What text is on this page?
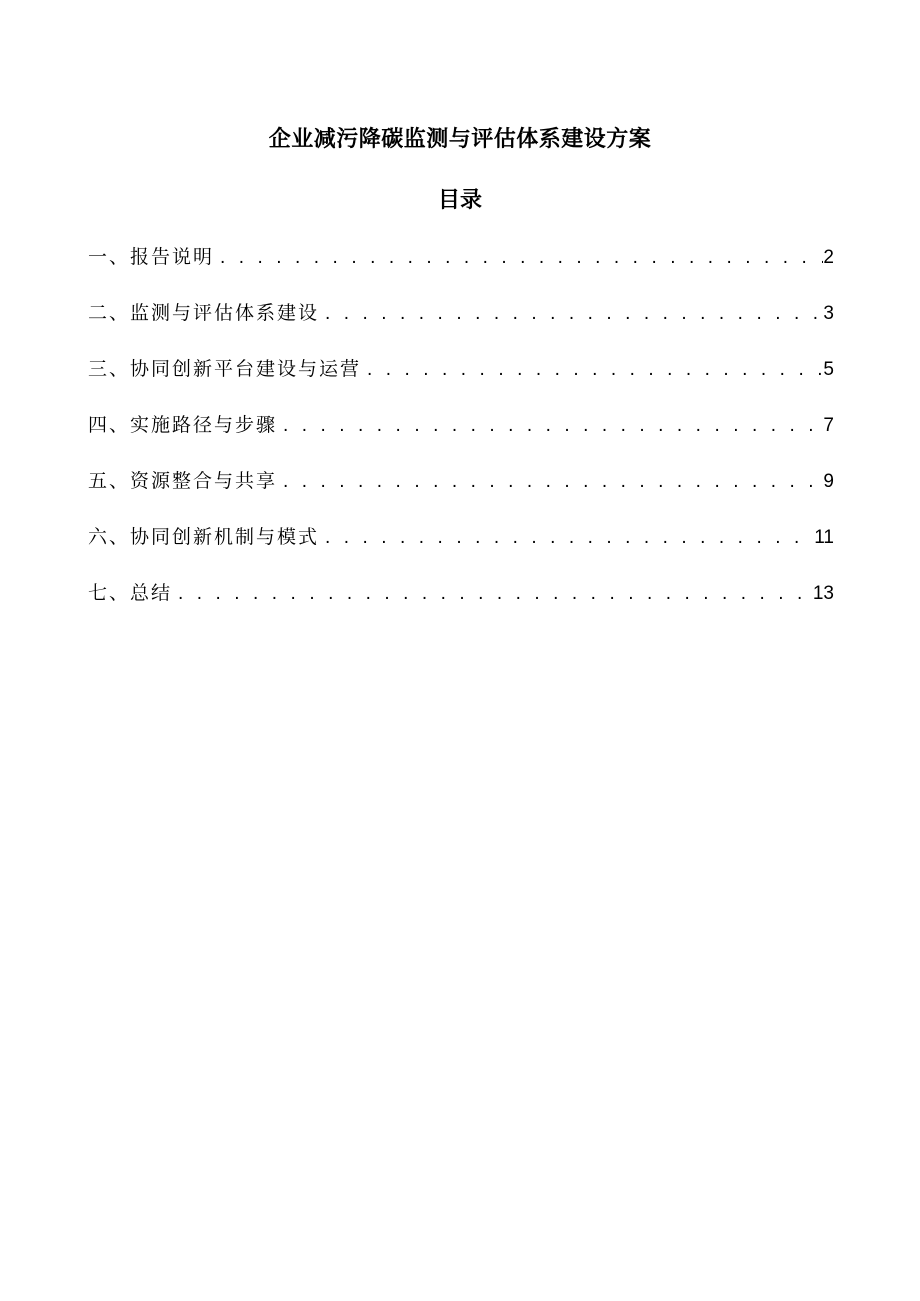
企业减污降碳监测与评估体系建设方案
目录
一、报告说明 . . .	2
二、监测与评估体系建设 . . .	3
三、协同创新平台建设与运营 . . .	5
四、实施路径与步骤 . . .	7
五、资源整合与共享 . . .	9
六、协同创新机制与模式 . . .	11
七、总结 . . .	13
